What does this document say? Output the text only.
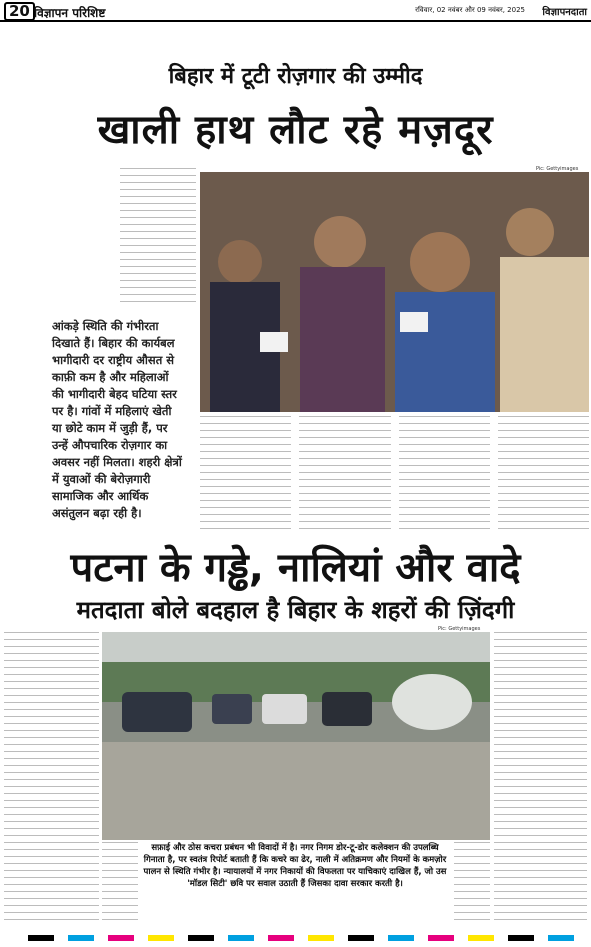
20 विज्ञापन परिशिष्ट	रविवार, 02 नवंबर और 09 नवंबर, 2025 विज्ञापनदाता
बिहार में टूटी रोज़गार की उम्मीद
खाली हाथ लौट रहे मज़दूर
Pic: Gettyimages
आंकड़े स्थिति की गंभीरता दिखाते हैं। बिहार की कार्यबल भागीदारी दर राष्ट्रीय औसत से काफ़ी कम है और महिलाओं की भागीदारी बेहद घटिया स्तर पर है। गांवों में महिलाएं खेती या छोटे काम में जुड़ी हैं, पर उन्हें औपचारिक रोज़गार का अवसर नहीं मिलता। शहरी क्षेत्रों में युवाओं की बेरोज़गारी सामाजिक और आर्थिक असंतुलन बढ़ा रही है।
पटना के गड्ढे, नालियां और वादे
मतदाता बोले बदहाल है बिहार के शहरों की ज़िंदगी
Pic: Gettyimages
सफ़ाई और ठोस कचरा प्रबंधन भी विवादों में है। नगर निगम डोर-टू-डोर कलेक्शन की उपलब्धि गिनाता है, पर स्वतंत्र रिपोर्ट बताती हैं कि कचरे का ढेर, नाली में अतिक्रमण और नियमों के कमज़ोर पालन से स्थिति गंभीर है। न्यायालयों में नगर निकायों की विफलता पर याचिकाएं दाखिल हैं, जो उस 'मॉडल सिटी' छवि पर सवाल उठाती हैं जिसका दावा सरकार करती है।
